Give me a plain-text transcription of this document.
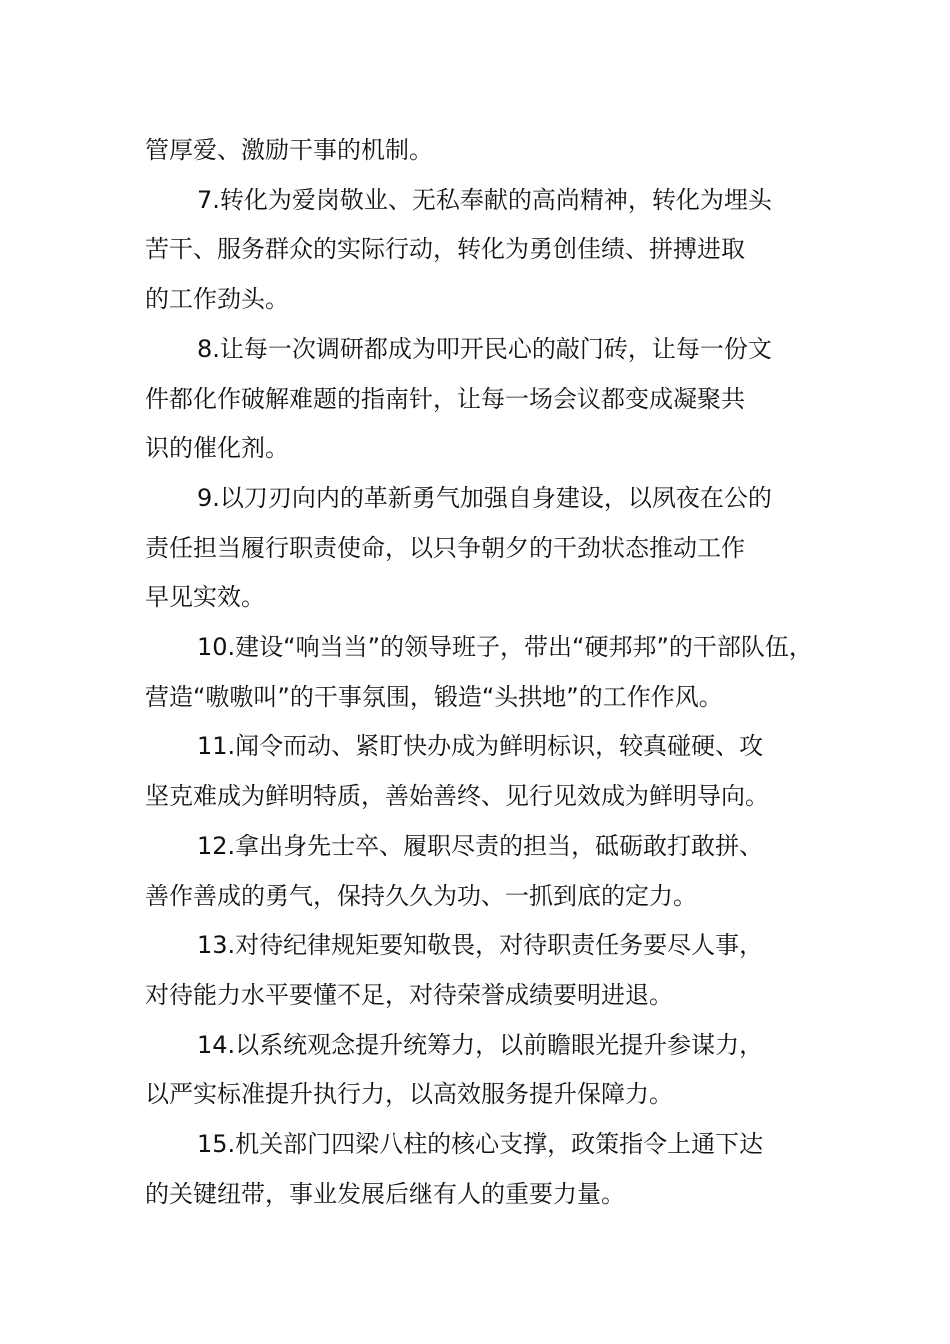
管厚爱、激励干事的机制。

7.转化为爱岗敬业、无私奉献的高尚精神，转化为埋头
苦干、服务群众的实际行动，转化为勇创佳绩、拼搏进取
的工作劲头。

8.让每一次调研都成为叩开民心的敲门砖，让每一份文
件都化作破解难题的指南针，让每一场会议都变成凝聚共
识的催化剂。

9.以刀刃向内的革新勇气加强自身建设，以夙夜在公的
责任担当履行职责使命，以只争朝夕的干劲状态推动工作
早见实效。

10.建设“响当当”的领导班子，带出“硬邦邦”的干部队伍，
营造“嗷嗷叫”的干事氛围，锻造“头拱地”的工作作风。

11.闻令而动、紧盯快办成为鲜明标识，较真碰硬、攻
坚克难成为鲜明特质，善始善终、见行见效成为鲜明导向。

12.拿出身先士卒、履职尽责的担当，砥砺敢打敢拼、
善作善成的勇气，保持久久为功、一抓到底的定力。

13.对待纪律规矩要知敬畏，对待职责任务要尽人事，
对待能力水平要懂不足，对待荣誉成绩要明进退。

14.以系统观念提升统筹力，以前瞻眼光提升参谋力，
以严实标准提升执行力，以高效服务提升保障力。

15.机关部门四梁八柱的核心支撑，政策指令上通下达
的关键纽带，事业发展后继有人的重要力量。
